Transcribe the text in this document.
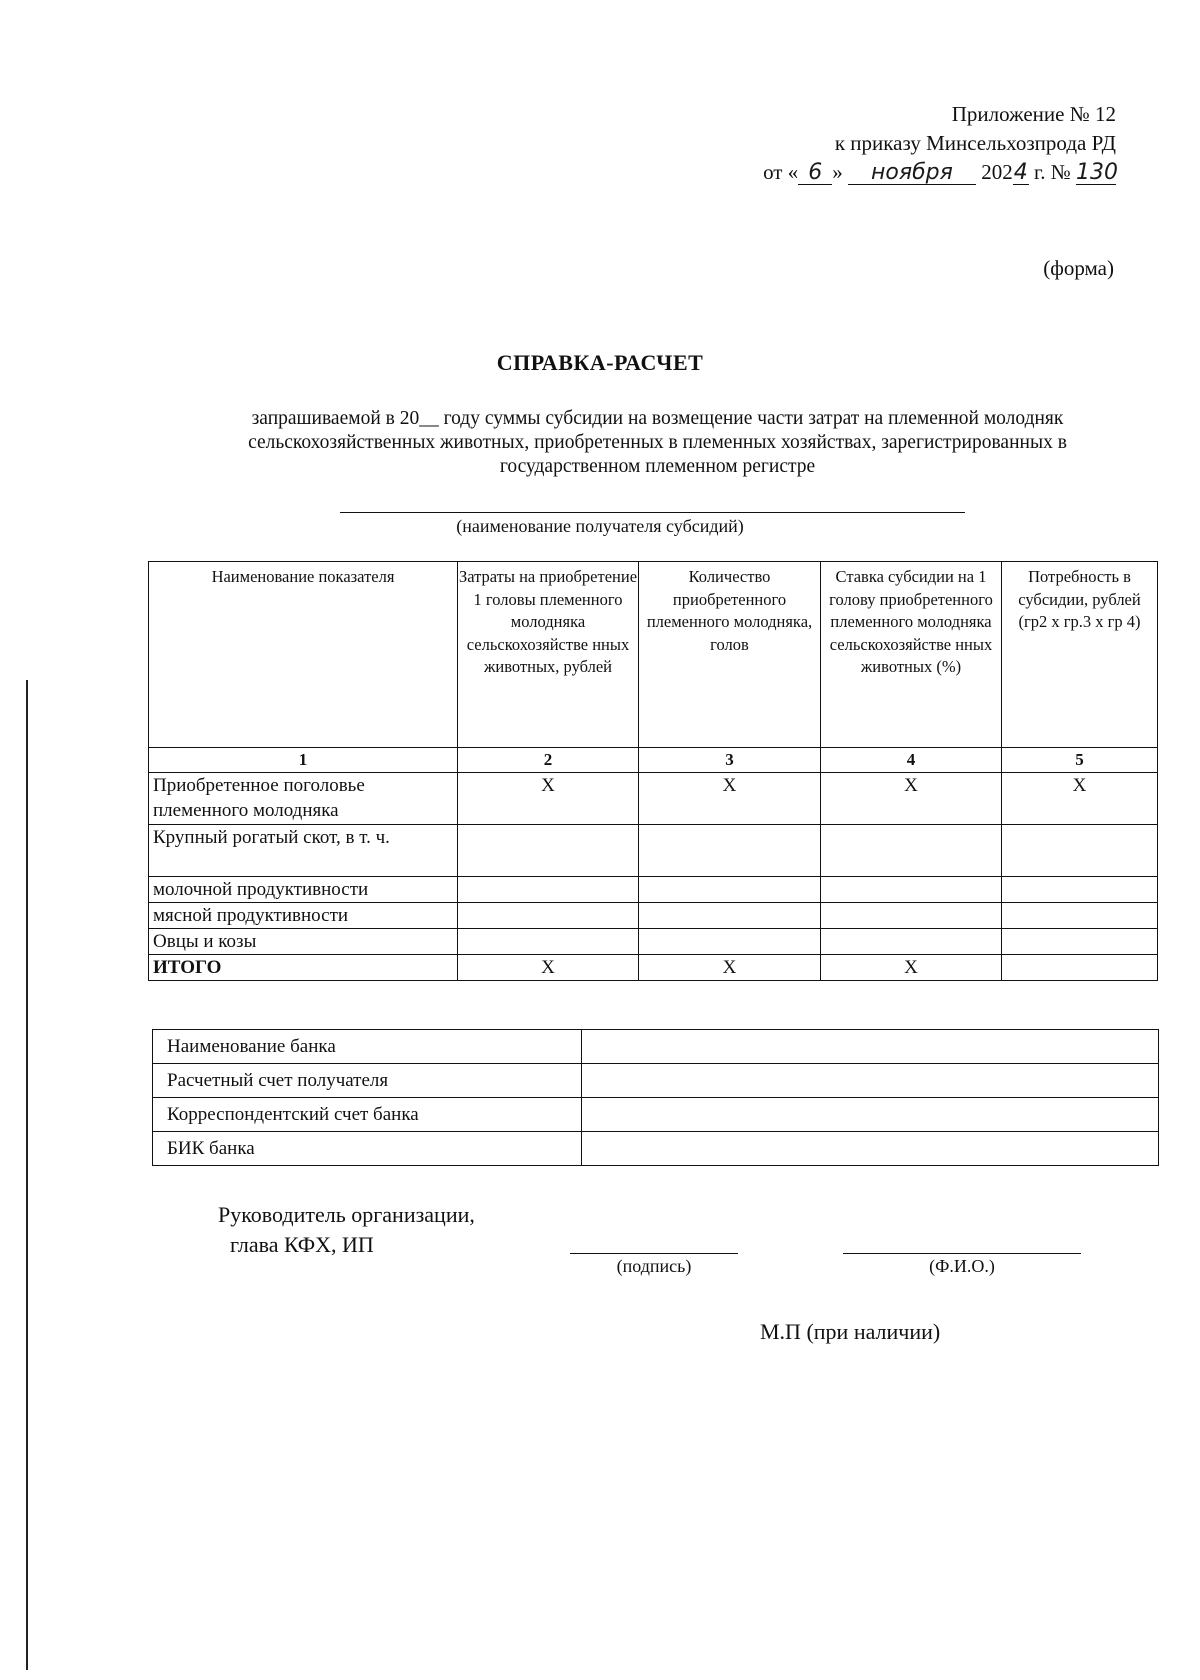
Приложение № 12
к приказу Минсельхозпрода РД
от « 6 » ноября 2024 г. № 130
(форма)
СПРАВКА-РАСЧЕТ
запрашиваемой в 20__ году суммы субсидии на возмещение части затрат на племенной молодняк сельскохозяйственных животных, приобретенных в племенных хозяйствах, зарегистрированных в государственном племенном регистре
(наименование получателя субсидий)
Наименование показателя	Затраты на приобретение 1 головы племенного молодняка сельскохозяйстве нных животных, рублей	Количество приобретенного племенного молодняка, голов	Ставка субсидии на 1 голову приобретенного племенного молодняка сельскохозяйстве нных животных (%)	Потребность в субсидии, рублей (гр2 х гр.3 х гр 4)
1	2	3	4	5
Приобретенное поголовье племенного молодняка	Х	Х	Х	Х
Крупный рогатый скот, в т. ч.				
молочной продуктивности				
мясной продуктивности				
Овцы и козы				
ИТОГО	Х	Х	Х	
Наименование банка	
Расчетный счет получателя	
Корреспондентский счет банка	
БИК банка	
Руководитель организации,
глава КФХ, ИП
(подпись)	(Ф.И.О.)
М.П (при наличии)
